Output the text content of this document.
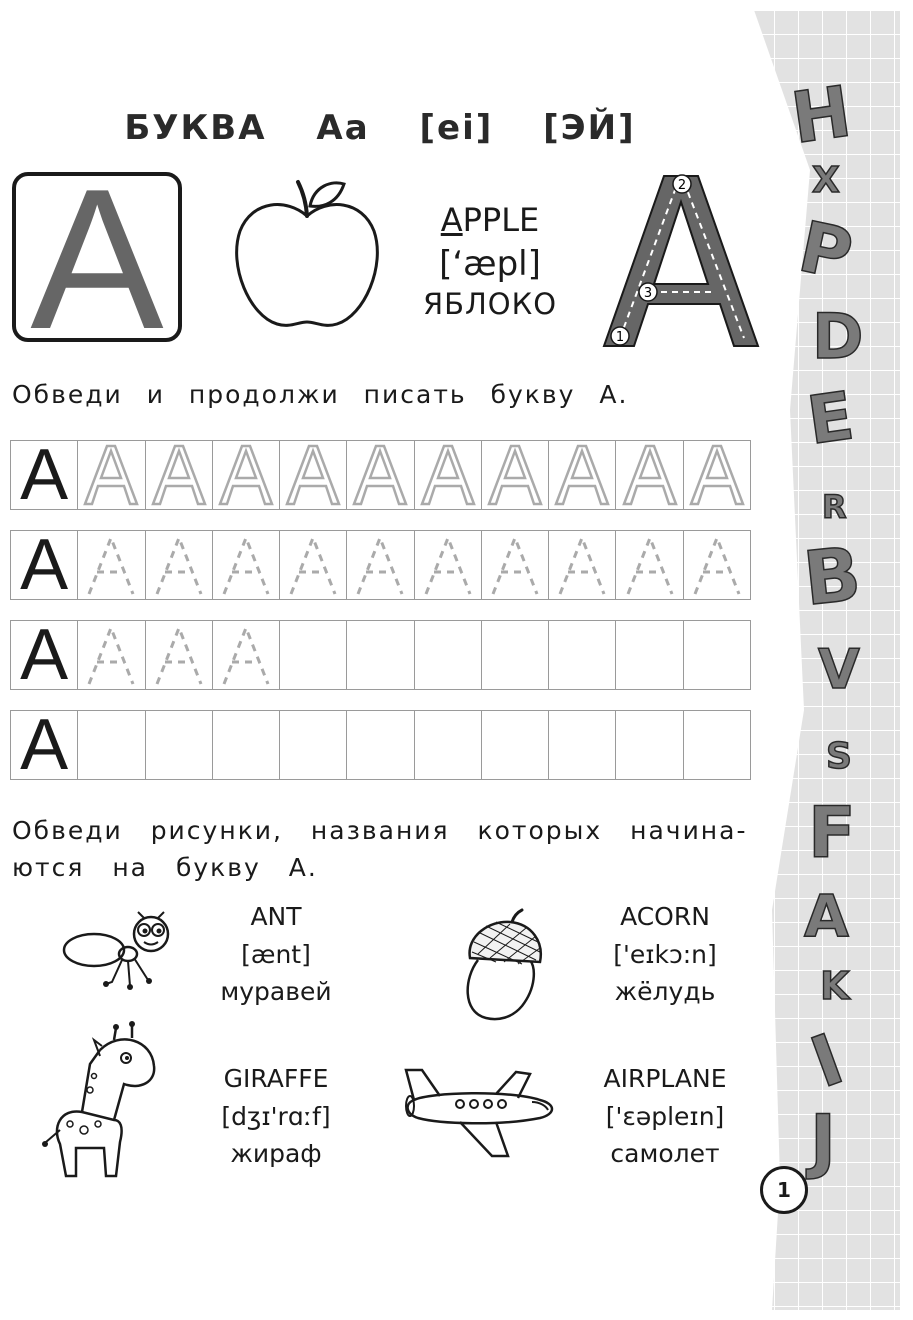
БУКВА Aa [ei] [ЭЙ]
A	APPLE
[‘æpl]
ЯБЛОКО
1
2
3
Обведи и продолжи писать букву А.
A
A
A
A
Обведи рисунки, названия которых начина-
ются на букву А.
ANT
[ænt]
муравей
ACORN
['eɪkɔ:n]
жёлудь
GIRAFFE
[dʒɪ'rɑːf]
жираф
AIRPLANE
['ɛəpleɪn]
самолет
H
X
P
D
E
R
B
V
S
F
A
K
I
J
1
